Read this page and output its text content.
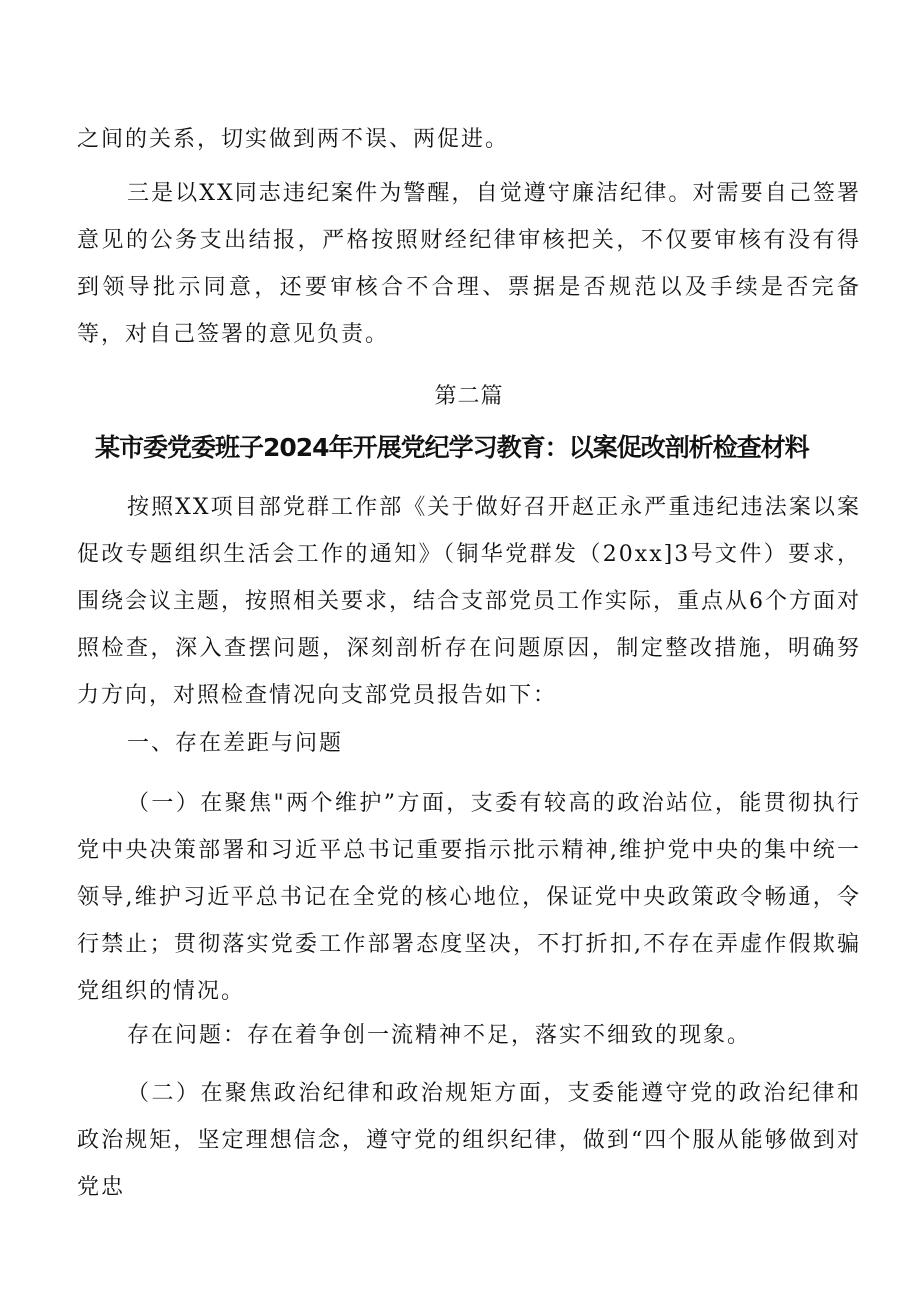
之间的关系，切实做到两不误、两促进。

三是以XX同志违纪案件为警醒，自觉遵守廉洁纪律。对需要自己签署意见的公务支出结报，严格按照财经纪律审核把关，不仅要审核有没有得到领导批示同意，还要审核合不合理、票据是否规范以及手续是否完备等，对自己签署的意见负责。

第二篇

某市委党委班子2024年开展党纪学习教育：以案促改剖析检查材料

按照XX项目部党群工作部《关于做好召开赵正永严重违纪违法案以案促改专题组织生活会工作的通知》（铜华党群发（20xx]3号文件）要求，围绕会议主题，按照相关要求，结合支部党员工作实际，重点从6个方面对照检查，深入查摆问题，深刻剖析存在问题原因，制定整改措施，明确努力方向，对照检查情况向支部党员报告如下：

一、存在差距与问题

（一）在聚焦"两个维护”方面，支委有较高的政治站位，能贯彻执行党中央决策部署和习近平总书记重要指示批示精神,维护党中央的集中统一领导,维护习近平总书记在全党的核心地位，保证党中央政策政令畅通，令行禁止；贯彻落实党委工作部署态度坚决，不打折扣,不存在弄虚作假欺骗党组织的情况。

存在问题：存在着争创一流精神不足，落实不细致的现象。

（二）在聚焦政治纪律和政治规矩方面，支委能遵守党的政治纪律和政治规矩，坚定理想信念，遵守党的组织纪律，做到“四个服从能够做到对党忠
